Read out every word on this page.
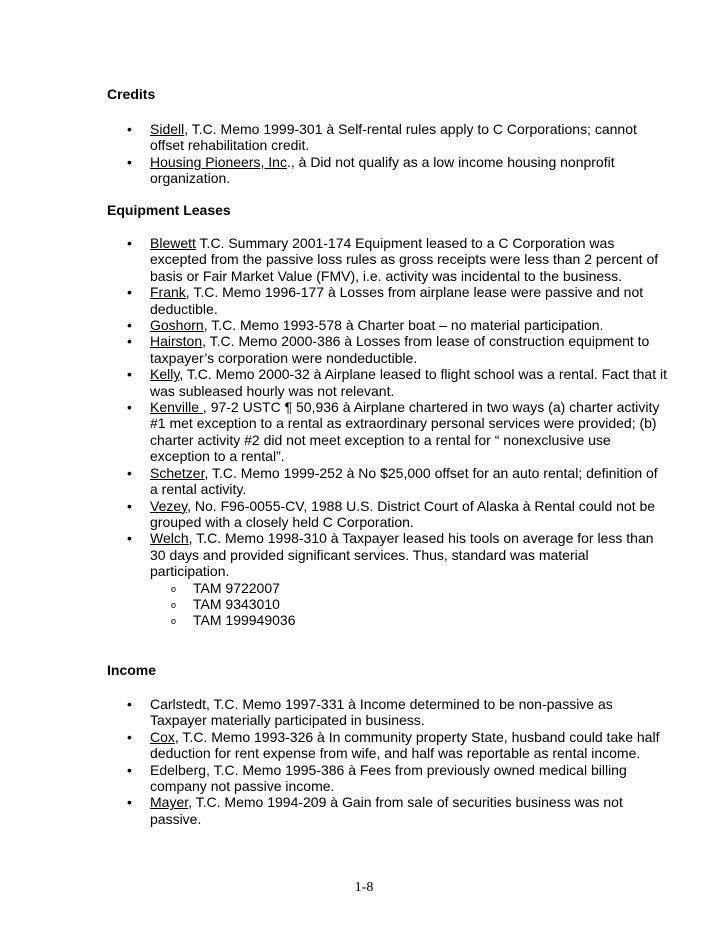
Credits
• Sidell, T.C. Memo 1999-301 à Self-rental rules apply to C Corporations; cannot offset rehabilitation credit.
• Housing Pioneers, Inc., à Did not qualify as a low income housing nonprofit organization.
Equipment Leases
• Blewett T.C. Summary 2001-174 Equipment leased to a C Corporation was excepted from the passive loss rules as gross receipts were less than 2 percent of basis or Fair Market Value (FMV), i.e. activity was incidental to the business.
• Frank, T.C. Memo 1996-177 à Losses from airplane lease were passive and not deductible.
• Goshorn, T.C. Memo 1993-578 à Charter boat – no material participation.
• Hairston, T.C. Memo 2000-386 à Losses from lease of construction equipment to taxpayer’s corporation were nondeductible.
• Kelly, T.C. Memo 2000-32 à Airplane leased to flight school was a rental. Fact that it was subleased hourly was not relevant.
• Kenville , 97-2 USTC ¶ 50,936 à Airplane chartered in two ways (a) charter activity #1 met exception to a rental as extraordinary personal services were provided; (b) charter activity #2 did not meet exception to a rental for “ nonexclusive use exception to a rental”.
• Schetzer, T.C. Memo 1999-252 à No $25,000 offset for an auto rental; definition of a rental activity.
• Vezey, No. F96-0055-CV, 1988 U.S. District Court of Alaska à Rental could not be grouped with a closely held C Corporation.
• Welch, T.C. Memo 1998-310 à Taxpayer leased his tools on average for less than 30 days and provided significant services. Thus, standard was material participation.
o TAM 9722007
o TAM 9343010
o TAM 199949036
Income
• Carlstedt, T.C. Memo 1997-331 à Income determined to be non-passive as Taxpayer materially participated in business.
• Cox, T.C. Memo 1993-326 à In community property State, husband could take half deduction for rent expense from wife, and half was reportable as rental income.
• Edelberg, T.C. Memo 1995-386 à Fees from previously owned medical billing company not passive income.
• Mayer, T.C. Memo 1994-209 à Gain from sale of securities business was not passive.
1-8
